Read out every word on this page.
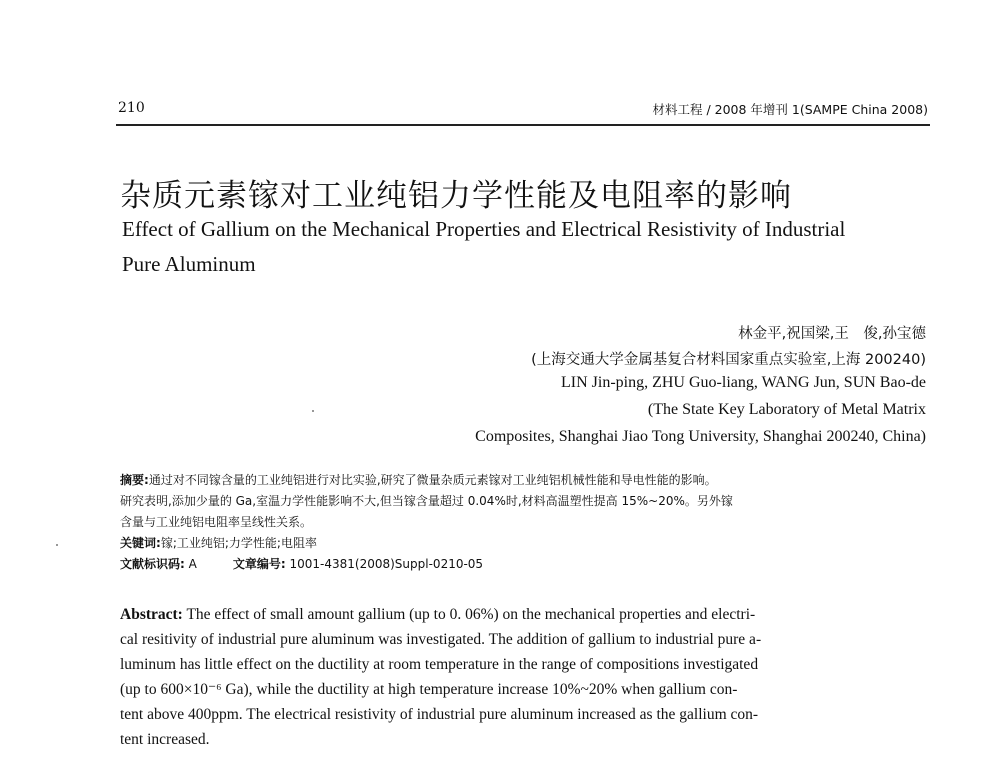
210	材料工程 / 2008 年增刊 1(SAMPE China 2008)
杂质元素镓对工业纯铝力学性能及电阻率的影响
Effect of Gallium on the Mechanical Properties and Electrical Resistivity of Industrial Pure Aluminum
林金平,祝国梁,王　俊,孙宝德
(上海交通大学金属基复合材料国家重点实验室,上海 200240)
LIN Jin-ping, ZHU Guo-liang, WANG Jun, SUN Bao-de
(The State Key Laboratory of Metal Matrix
Composites, Shanghai Jiao Tong University, Shanghai 200240, China)
摘要:通过对不同镓含量的工业纯铝进行对比实验,研究了微量杂质元素镓对工业纯铝机械性能和导电性能的影响。
研究表明,添加少量的 Ga,室温力学性能影响不大,但当镓含量超过 0.04%时,材料高温塑性提高 15%~20%。另外镓
含量与工业纯铝电阻率呈线性关系。
关键词:镓;工业纯铝;力学性能;电阻率
文献标识码: A	文章编号: 1001-4381(2008)Suppl-0210-05
Abstract: The effect of small amount gallium (up to 0. 06%) on the mechanical properties and electri-
cal resitivity of industrial pure aluminum was investigated. The addition of gallium to industrial pure a-
luminum has little effect on the ductility at room temperature in the range of compositions investigated
(up to 600×10⁻⁶ Ga), while the ductility at high temperature increase 10%~20% when gallium con-
tent above 400ppm. The electrical resistivity of industrial pure aluminum increased as the gallium con-
tent increased.
